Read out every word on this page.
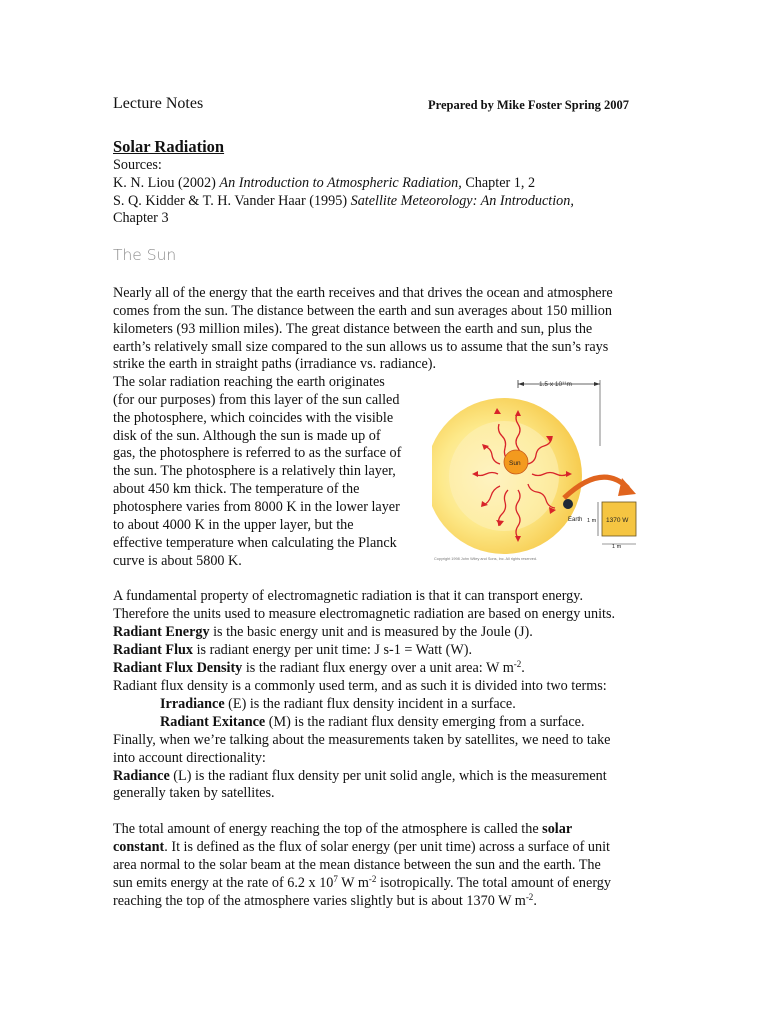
Lecture Notes	Prepared by Mike Foster Spring 2007
Solar Radiation
Sources:
K. N. Liou (2002) An Introduction to Atmospheric Radiation, Chapter 1, 2
S. Q. Kidder & T. H. Vander Haar (1995) Satellite Meteorology: An Introduction,
Chapter 3
The Sun
Nearly all of the energy that the earth receives and that drives the ocean and atmosphere
comes from the sun. The distance between the earth and sun averages about 150 million
kilometers (93 million miles). The great distance between the earth and sun, plus the
earth’s relatively small size compared to the sun allows us to assume that the sun’s rays
strike the earth in straight paths (irradiance vs. radiance).
The solar radiation reaching the earth originates
(for our purposes) from this layer of the sun called
the photosphere, which coincides with the visible
disk of the sun. Although the sun is made up of
gas, the photosphere is referred to as the surface of
the sun. The photosphere is a relatively thin layer,
about 450 km thick. The temperature of the
photosphere varies from 8000 K in the lower layer
to about 4000 K in the upper layer, but the
effective temperature when calculating the Planck
curve is about 5800 K.
1.5 x 10¹¹m
Sun
Earth	1370 W
1 m
1 m
Copyright 1998 John Wiley and Sons, Inc. All rights reserved.
A fundamental property of electromagnetic radiation is that it can transport energy.
Therefore the units used to measure electromagnetic radiation are based on energy units.
Radiant Energy is the basic energy unit and is measured by the Joule (J).
Radiant Flux is radiant energy per unit time: J s-1 = Watt (W).
Radiant Flux Density is the radiant flux energy over a unit area: W $m^{-2}$.
Radiant flux density is a commonly used term, and as such it is divided into two terms:
Irradiance (E) is the radiant flux density incident in a surface.
Radiant Exitance (M) is the radiant flux density emerging from a surface.
Finally, when we’re talking about the measurements taken by satellites, we need to take
into account directionality:
Radiance (L) is the radiant flux density per unit solid angle, which is the measurement
generally taken by satellites.
The total amount of energy reaching the top of the atmosphere is called the solar
constant. It is defined as the flux of solar energy (per unit time) across a surface of unit
area normal to the solar beam at the mean distance between the sun and the earth. The
sun emits energy at the rate of 6.2 x $10^7$ W $m^{-2}$ isotropically. The total amount of energy
reaching the top of the atmosphere varies slightly but is about 1370 W $m^{-2}$.
